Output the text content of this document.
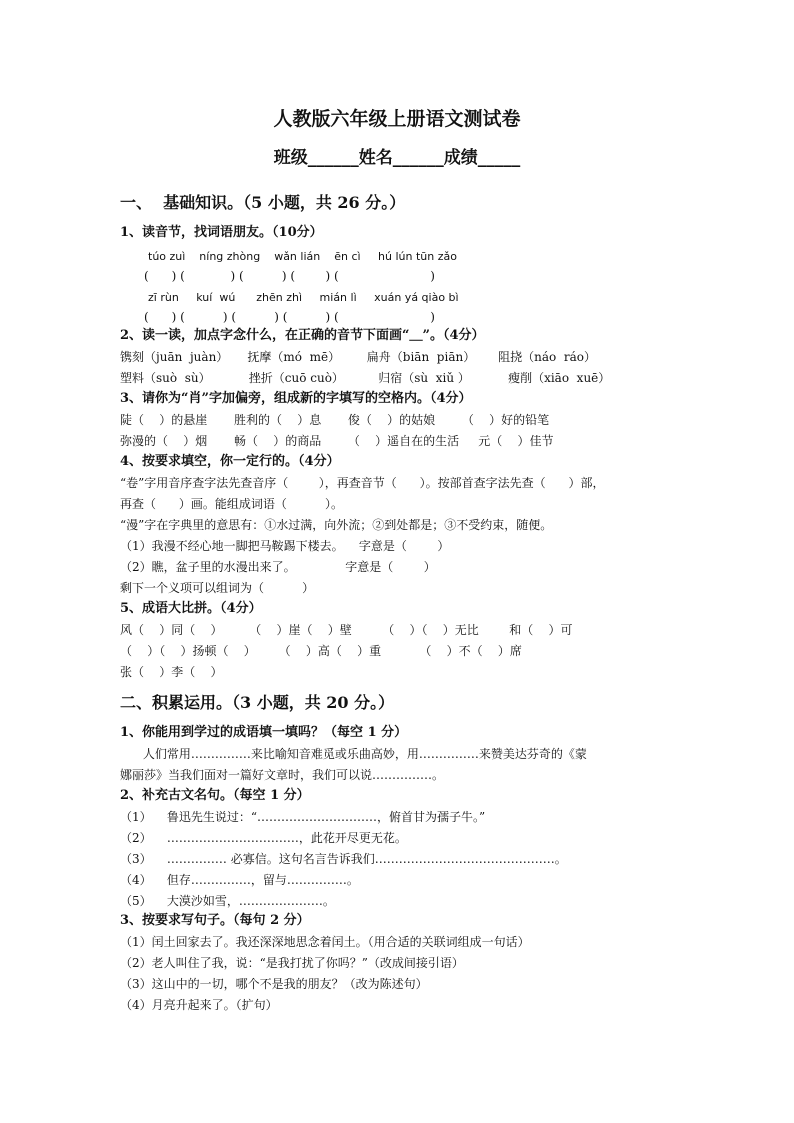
人教版六年级上册语文测试卷
班级______姓名______成绩_____
一、  基础知识。（5 小题，共 26 分。）
1、读音节，找词语朋友。（10分）
túo zuì    níng zhòng    wǎn lián    ēn cì     hú lún tūn zǎo
(      ) (            ) (          ) (        ) (                        )
zī rùn     kuí  wú      zhēn zhì     mián lì     xuán yá qiào bì
(      ) (          ) (          ) (          ) (                        )
2、读一读，加点字念什么，在正确的音节下面画“＿”。（4分）
镌刻（juān  juàn）     抚摩（mó  mē）       扁舟（biān  piān）      阻挠（náo  ráo）
塑料（suò  sù）          挫折（cuō cuò）         归宿（sù  xiǔ ）          瘦削（xiāo  xuē）
3、请你为“肖”字加偏旁，组成新的字填写的空格内。（4分）
陡（    ）的悬崖       胜利的（    ）息       俊（    ）的姑娘       （    ）好的铅笔
弥漫的（    ）烟       畅（    ）的商品       （    ）遥自在的生活     元（    ）佳节
4、按要求填空，你一定行的。（4分）
“卷”字用音序查字法先查音序（        ），再查音节（      ）。按部首查字法先查（      ）部，
再查（      ）画。能组成词语（          ）。
“漫”字在字典里的意思有：①水过满，向外流；②到处都是；③不受约束，随便。
（1）我漫不经心地一脚把马鞍踢下楼去。    字意是（        ）
（2）瞧，盆子里的水漫出来了。             字意是（        ）
剩下一个义项可以组词为（          ）
5、成语大比拼。（4分）
风（    ）同（    ）       （    ）崖（    ）壁        （    ）（    ）无比        和（    ）可
（    ）（    ）扬顿（    ）      （    ）高（    ）重          （    ）不（    ）席
张（    ）李（    ）
二、积累运用。（3 小题，共 20 分。）
1、你能用到学过的成语填一填吗？（每空 1 分）
人们常用……………来比喻知音难觅或乐曲高妙，用……………来赞美达芬奇的《蒙
娜丽莎》当我们面对一篇好文章时，我们可以说……………。
2、补充古文名句。（每空 1 分）
（1）    鲁迅先生说过：“…………………………，俯首甘为孺子牛。”
（2）    ……………………………，此花开尽更无花。
（3）    …………… 必寡信。这句名言告诉我们………………………………………。
（4）    但存……………，留与……………。
（5）    大漠沙如雪，…………………。
3、按要求写句子。（每句 2 分）
（1）闰土回家去了。我还深深地思念着闰土。（用合适的关联词组成一句话）
（2）老人叫住了我，说：“是我打扰了你吗？”（改成间接引语）
（3）这山中的一切，哪个不是我的朋友？（改为陈述句）
（4）月亮升起来了。（扩句）
